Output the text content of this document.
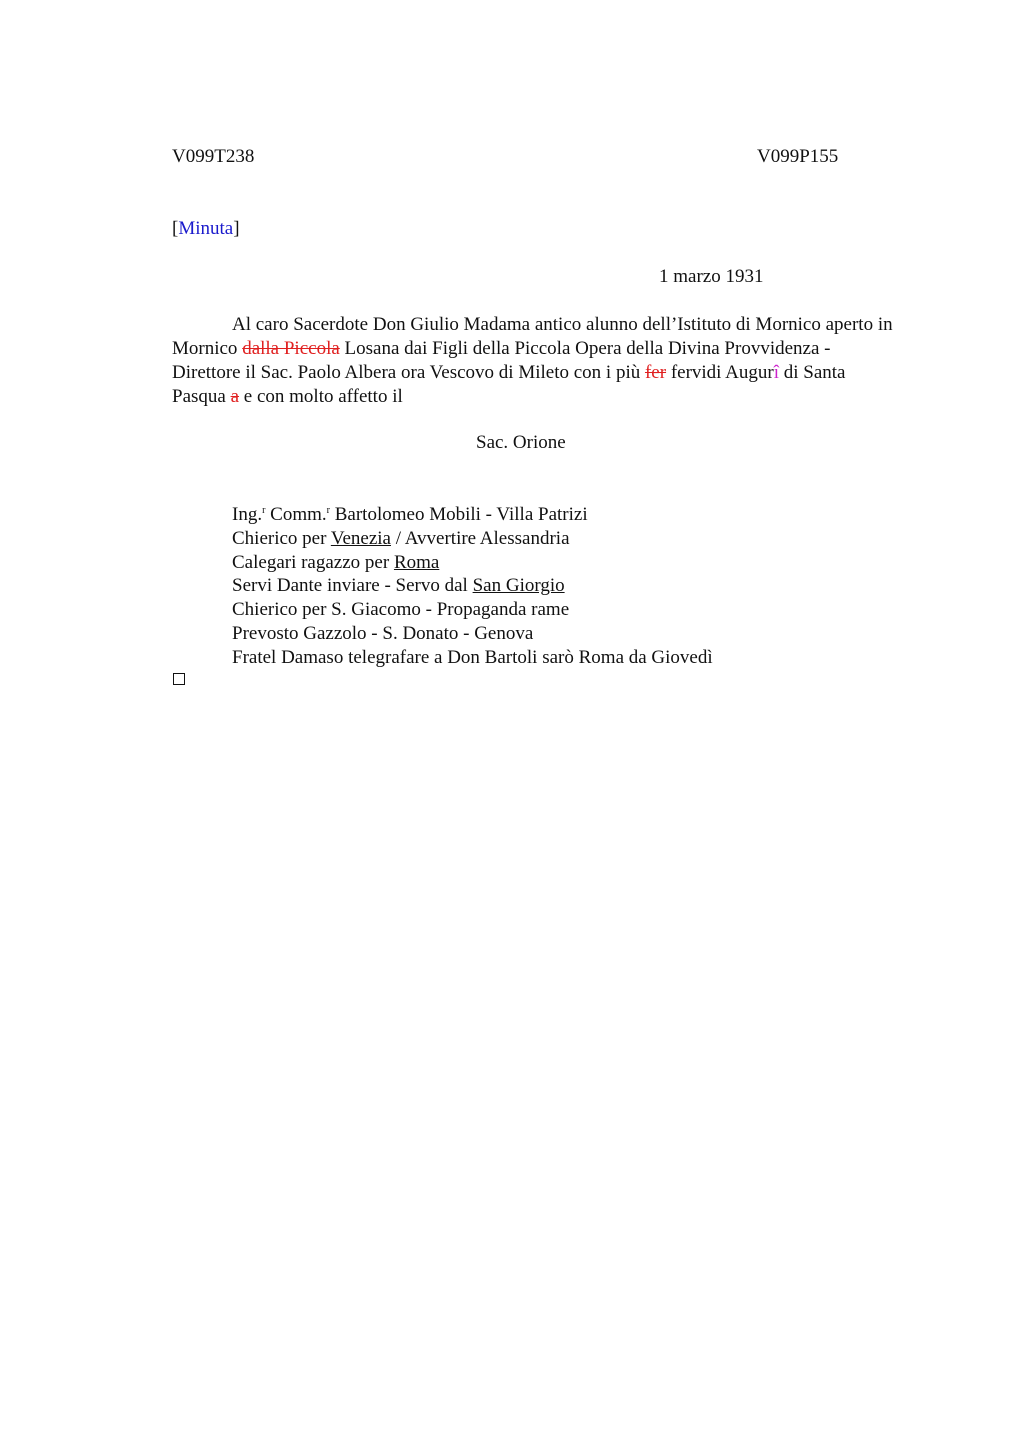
V099T238	V099P155
[Minuta]
1 marzo 1931
Al caro Sacerdote Don Giulio Madama antico alunno dell’Istituto di Mornico aperto in Mornico dalla Piccola Losana dai Figli della Piccola Opera della Divina Provvidenza - Direttore il Sac. Paolo Albera ora Vescovo di Mileto con i più fer fervidi Augurî di Santa Pasqua a e con molto affetto il
Sac. Orione
Ing.$^r$ Comm.$^r$ Bartolomeo Mobili - Villa Patrizi
Chierico per Venezia / Avvertire Alessandria
Calegari ragazzo per Roma
Servi Dante inviare - Servo dal San Giorgio
Chierico per S. Giacomo - Propaganda rame
Prevosto Gazzolo - S. Donato - Genova
Fratel Damaso telegrafare a Don Bartoli sarò Roma da Giovedì
